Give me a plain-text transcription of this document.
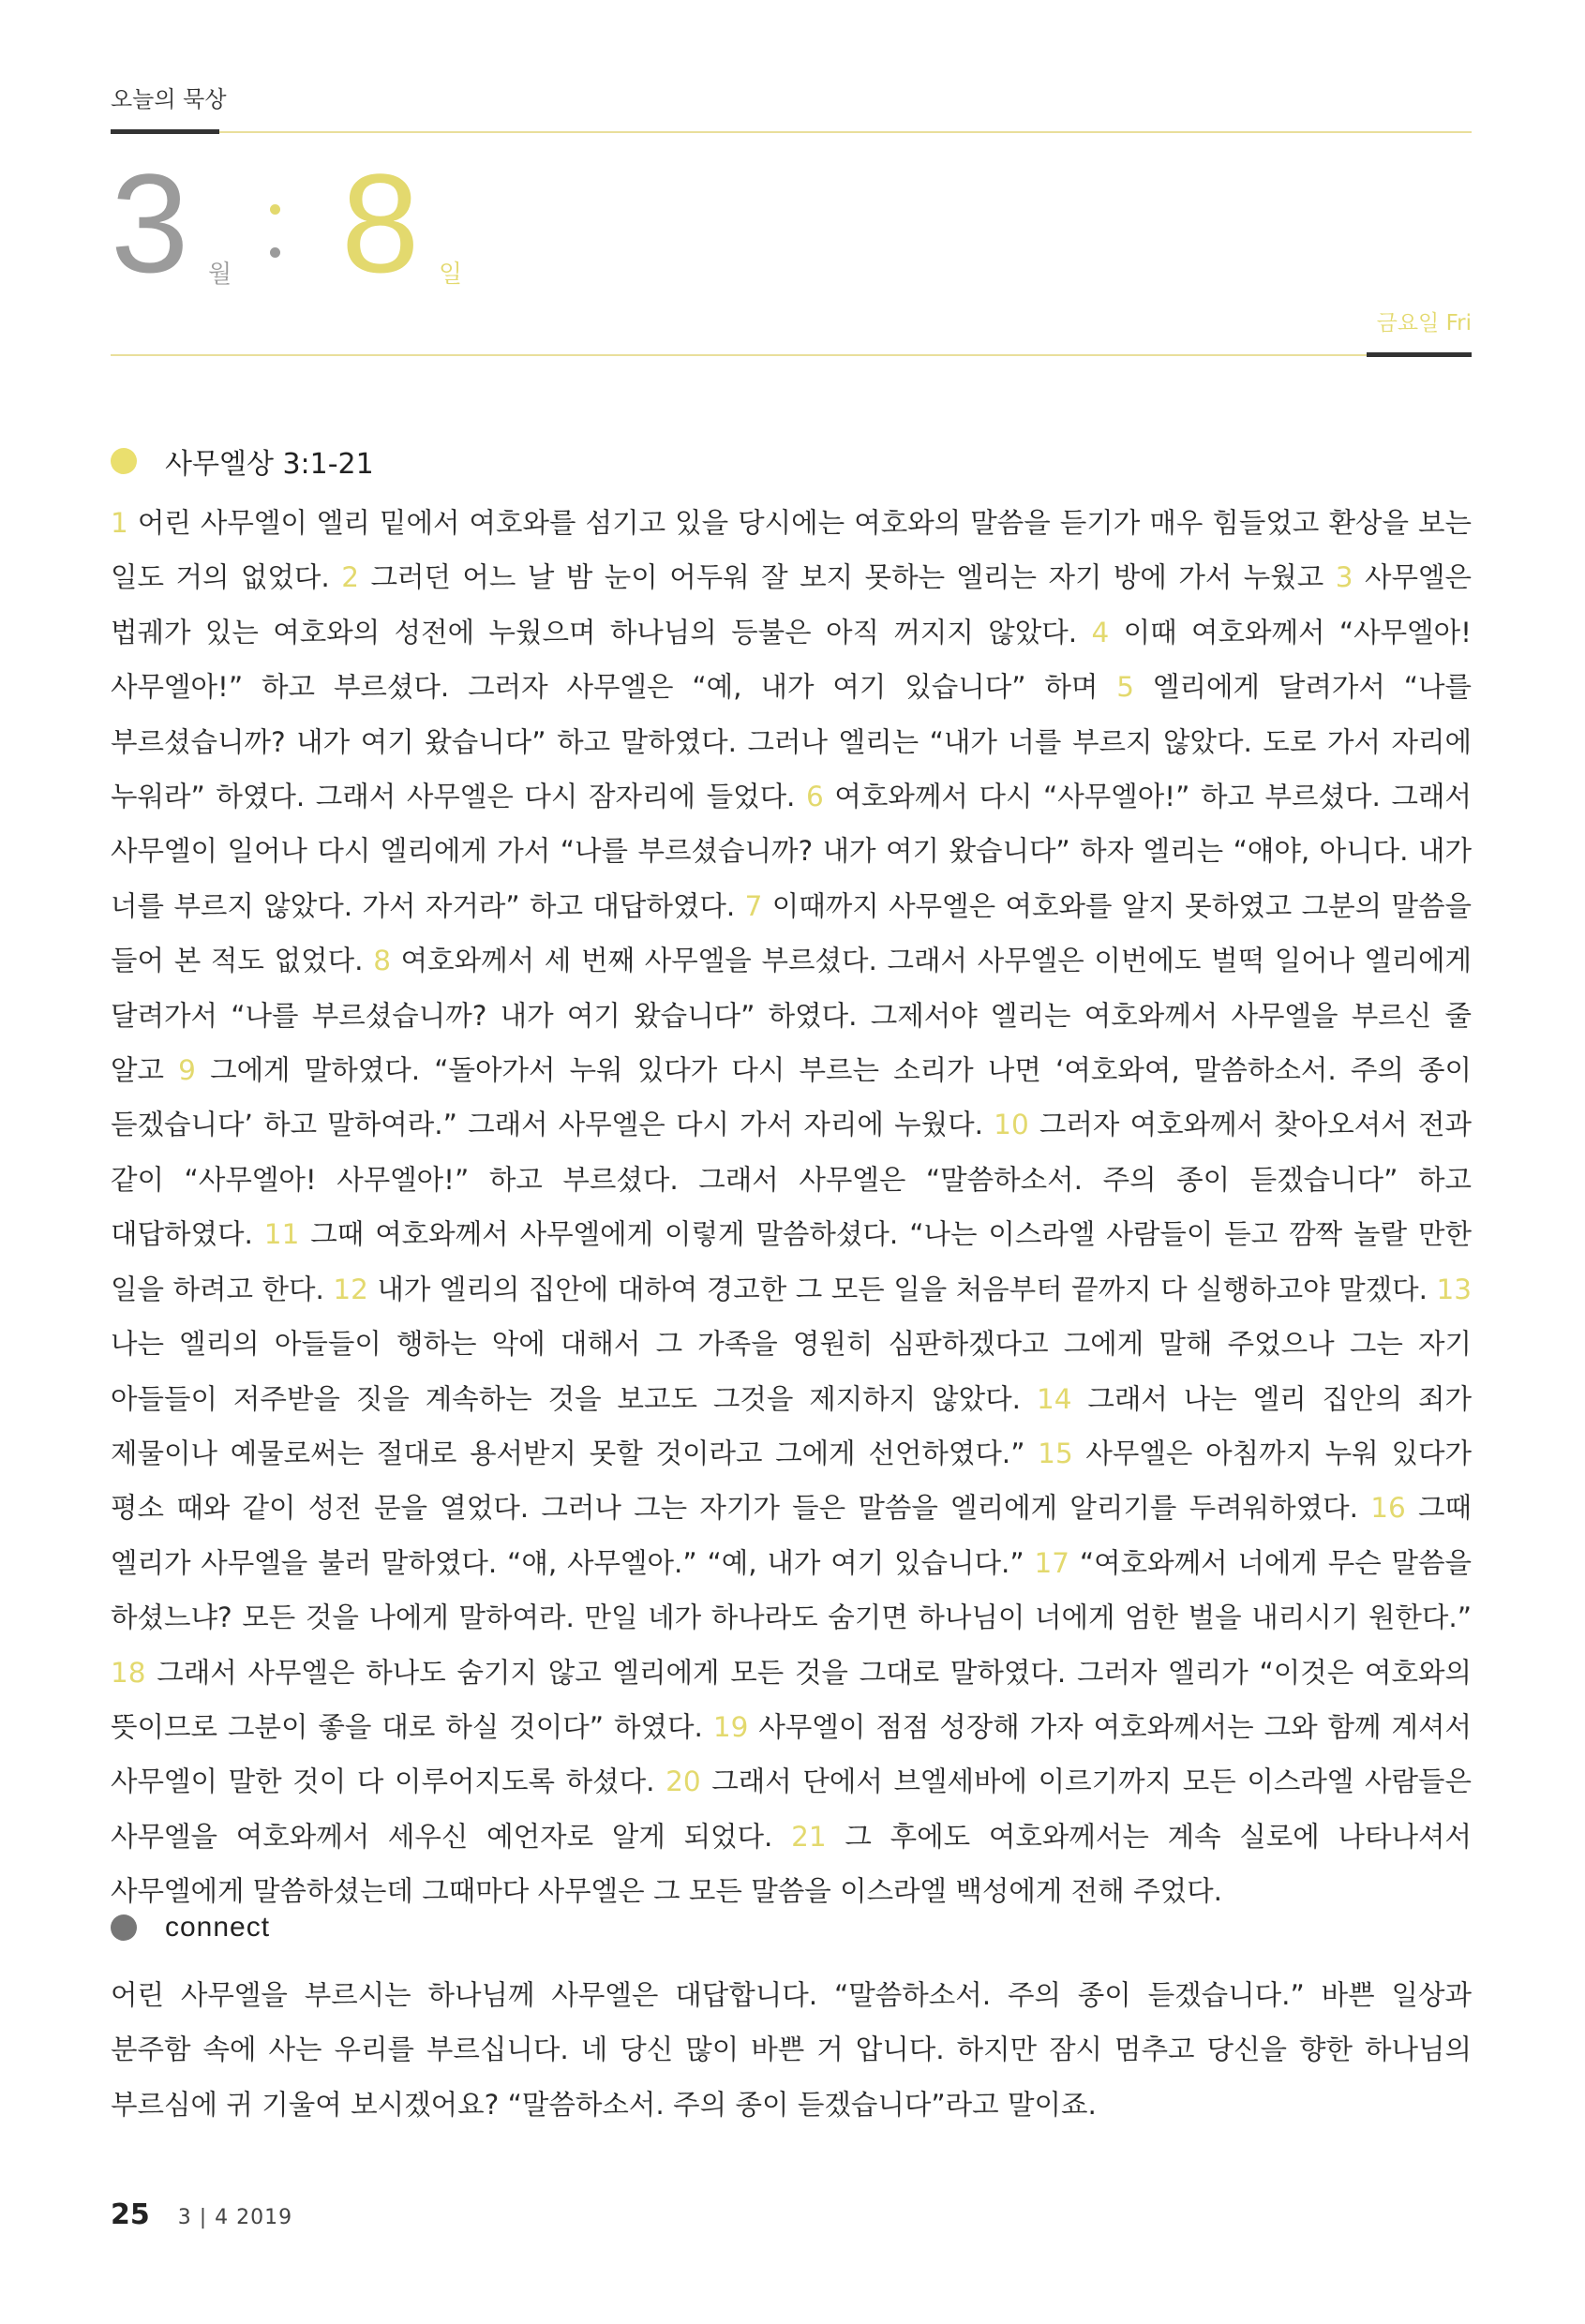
오늘의 묵상
3 월 8 일
금요일 Fri
사무엘상 3:1-21
1 어린 사무엘이 엘리 밑에서 여호와를 섬기고 있을 당시에는 여호와의 말씀을 듣기가 매우 힘들었고 환상을 보는 일도 거의 없었다. 2 그러던 어느 날 밤 눈이 어두워 잘 보지 못하는 엘리는 자기 방에 가서 누웠고 3 사무엘은 법궤가 있는 여호와의 성전에 누웠으며 하나님의 등불은 아직 꺼지지 않았다. 4 이때 여호와께서 “사무엘아! 사무엘아!” 하고 부르셨다. 그러자 사무엘은 “예, 내가 여기 있습니다” 하며 5 엘리에게 달려가서 “나를 부르셨습니까? 내가 여기 왔습니다” 하고 말하였다. 그러나 엘리는 “내가 너를 부르지 않았다. 도로 가서 자리에 누워라” 하였다. 그래서 사무엘은 다시 잠자리에 들었다. 6 여호와께서 다시 “사무엘아!” 하고 부르셨다. 그래서 사무엘이 일어나 다시 엘리에게 가서 “나를 부르셨습니까? 내가 여기 왔습니다” 하자 엘리는 “얘야, 아니다. 내가 너를 부르지 않았다. 가서 자거라” 하고 대답하였다. 7 이때까지 사무엘은 여호와를 알지 못하였고 그분의 말씀을 들어 본 적도 없었다. 8 여호와께서 세 번째 사무엘을 부르셨다. 그래서 사무엘은 이번에도 벌떡 일어나 엘리에게 달려가서 “나를 부르셨습니까? 내가 여기 왔습니다” 하였다. 그제서야 엘리는 여호와께서 사무엘을 부르신 줄 알고 9 그에게 말하였다. “돌아가서 누워 있다가 다시 부르는 소리가 나면 ‘여호와여, 말씀하소서. 주의 종이 듣겠습니다’ 하고 말하여라.” 그래서 사무엘은 다시 가서 자리에 누웠다. 10 그러자 여호와께서 찾아오셔서 전과 같이 “사무엘아! 사무엘아!” 하고 부르셨다. 그래서 사무엘은 “말씀하소서. 주의 종이 듣겠습니다” 하고 대답하였다. 11 그때 여호와께서 사무엘에게 이렇게 말씀하셨다. “나는 이스라엘 사람들이 듣고 깜짝 놀랄 만한 일을 하려고 한다. 12 내가 엘리의 집안에 대하여 경고한 그 모든 일을 처음부터 끝까지 다 실행하고야 말겠다. 13 나는 엘리의 아들들이 행하는 악에 대해서 그 가족을 영원히 심판하겠다고 그에게 말해 주었으나 그는 자기 아들들이 저주받을 짓을 계속하는 것을 보고도 그것을 제지하지 않았다. 14 그래서 나는 엘리 집안의 죄가 제물이나 예물로써는 절대로 용서받지 못할 것이라고 그에게 선언하였다.” 15 사무엘은 아침까지 누워 있다가 평소 때와 같이 성전 문을 열었다. 그러나 그는 자기가 들은 말씀을 엘리에게 알리기를 두려워하였다. 16 그때 엘리가 사무엘을 불러 말하였다. “얘, 사무엘아.” “예, 내가 여기 있습니다.” 17 “여호와께서 너에게 무슨 말씀을 하셨느냐? 모든 것을 나에게 말하여라. 만일 네가 하나라도 숨기면 하나님이 너에게 엄한 벌을 내리시기 원한다.” 18 그래서 사무엘은 하나도 숨기지 않고 엘리에게 모든 것을 그대로 말하였다. 그러자 엘리가 “이것은 여호와의 뜻이므로 그분이 좋을 대로 하실 것이다” 하였다. 19 사무엘이 점점 성장해 가자 여호와께서는 그와 함께 계셔서 사무엘이 말한 것이 다 이루어지도록 하셨다. 20 그래서 단에서 브엘세바에 이르기까지 모든 이스라엘 사람들은 사무엘을 여호와께서 세우신 예언자로 알게 되었다. 21 그 후에도 여호와께서는 계속 실로에 나타나셔서 사무엘에게 말씀하셨는데 그때마다 사무엘은 그 모든 말씀을 이스라엘 백성에게 전해 주었다.
connect
어린 사무엘을 부르시는 하나님께 사무엘은 대답합니다. “말씀하소서. 주의 종이 듣겠습니다.” 바쁜 일상과 분주함 속에 사는 우리를 부르십니다. 네 당신 많이 바쁜 거 압니다. 하지만 잠시 멈추고 당신을 향한 하나님의 부르심에 귀 기울여 보시겠어요? “말씀하소서. 주의 종이 듣겠습니다”라고 말이죠.
25 3 | 4 2019
